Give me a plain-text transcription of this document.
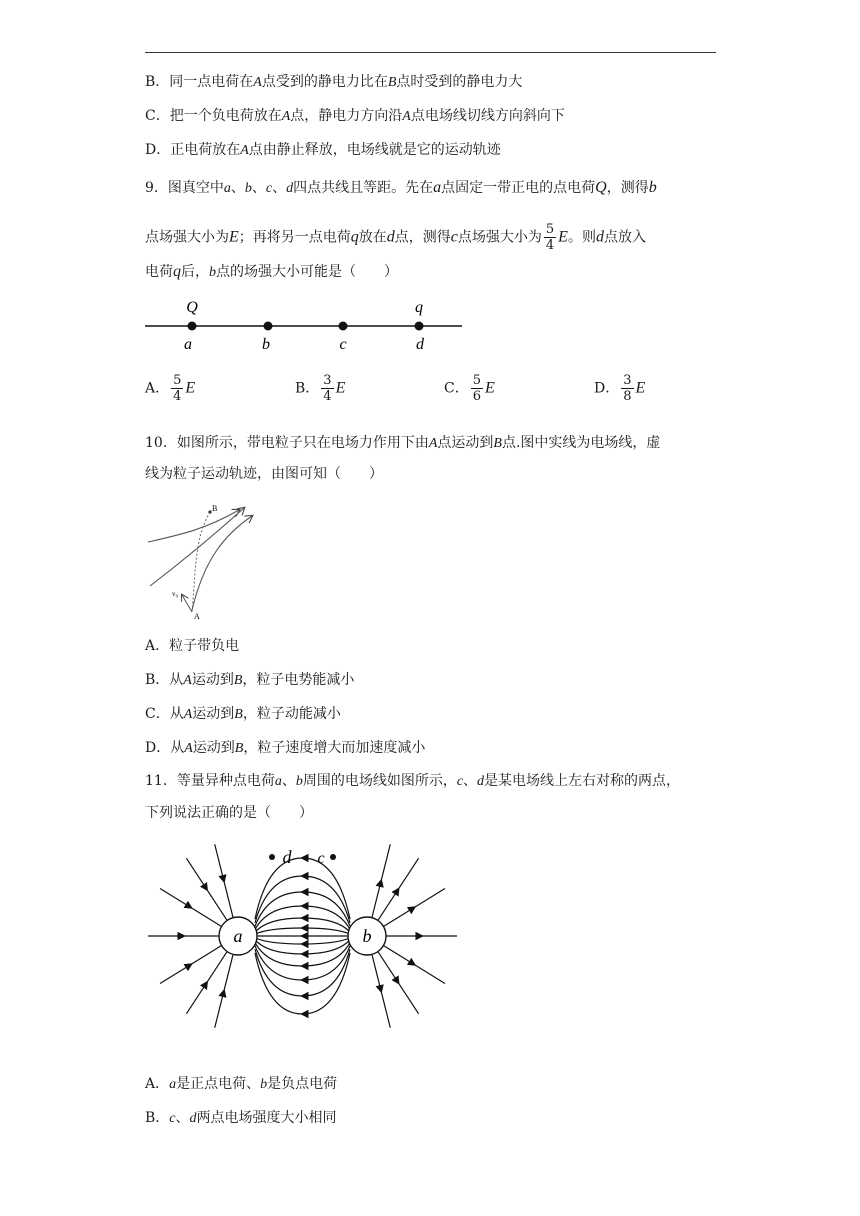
B．同一点电荷在A点受到的静电力比在B点时受到的静电力大
C．把一个负电荷放在A点，静电力方向沿A点电场线切线方向斜向下
D．正电荷放在A点由静止释放，电场线就是它的运动轨迹
9．图真空中a、b、c、d四点共线且等距。先在a点固定一带正电的点电荷Q，测得b
点场强大小为E；再将另一点电荷q放在d点，测得c点场强大小为 $\frac{5}{4}$ E。则d点放入
电荷q后，b点的场强大小可能是（　　）
Q	q
a	b	c	d
A． $\frac{5}{4}$ E	B． $\frac{3}{4}$ E	C． $\frac{5}{6}$ E	D． $\frac{3}{8}$ E
10．如图所示，带电粒子只在电场力作用下由A点运动到B点.图中实线为电场线，虚
线为粒子运动轨迹，由图可知（　　）
B
A
v₀
A．粒子带负电
B．从A运动到B，粒子电势能减小
C．从A运动到B，粒子动能减小
D．从A运动到B，粒子速度增大而加速度减小
11．等量异种点电荷a、b周围的电场线如图所示，c、d是某电场线上左右对称的两点，
下列说法正确的是（　　）
a	b
d c
A．a是正点电荷、b是负点电荷
B．c、d两点电场强度大小相同
